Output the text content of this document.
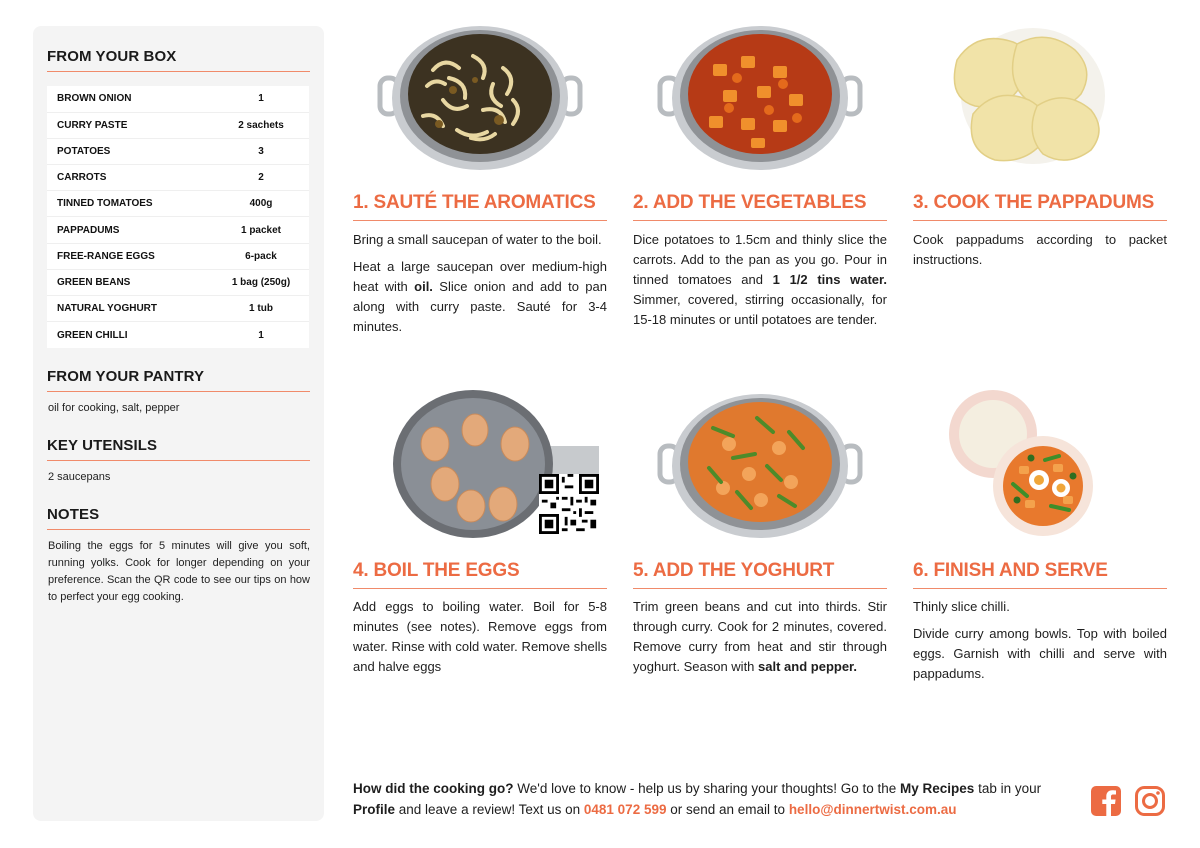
FROM YOUR BOX
BROWN ONION	1
CURRY PASTE	2 sachets
POTATOES	3
CARROTS	2
TINNED TOMATOES	400g
PAPPADUMS	1 packet
FREE-RANGE EGGS	6-pack
GREEN BEANS	1 bag (250g)
NATURAL YOGHURT	1 tub
GREEN CHILLI	1
FROM YOUR PANTRY
oil for cooking, salt, pepper
KEY UTENSILS
2 saucepans
NOTES
Boiling the eggs for 5 minutes will give you soft, running yolks. Cook for longer depending on your preference. Scan the QR code to see our tips on how to perfect your egg cooking.
1. SAUTÉ THE AROMATICS

Bring a small saucepan of water to the boil.

Heat a large saucepan over medium-high heat with oil. Slice onion and add to pan along with curry paste. Sauté for 3-4 minutes.

2. ADD THE VEGETABLES

Dice potatoes to 1.5cm and thinly slice the carrots. Add to the pan as you go. Pour in tinned tomatoes and 1 1/2 tins water. Simmer, covered, stirring occasionally, for 15-18 minutes or until potatoes are tender.

3. COOK THE PAPPADUMS

Cook pappadums according to packet instructions.

4. BOIL THE EGGS

Add eggs to boiling water. Boil for 5-8 minutes (see notes). Remove eggs from water. Rinse with cold water. Remove shells and halve eggs

5. ADD THE YOGHURT

Trim green beans and cut into thirds. Stir through curry. Cook for 2 minutes, covered. Remove curry from heat and stir through yoghurt. Season with salt and pepper.

6. FINISH AND SERVE

Thinly slice chilli.

Divide curry among bowls. Top with boiled eggs. Garnish with chilli and serve with pappadums.

How did the cooking go? We'd love to know - help us by sharing your thoughts! Go to the My Recipes tab in your Profile and leave a review! Text us on 0481 072 599 or send an email to hello@dinnertwist.com.au
